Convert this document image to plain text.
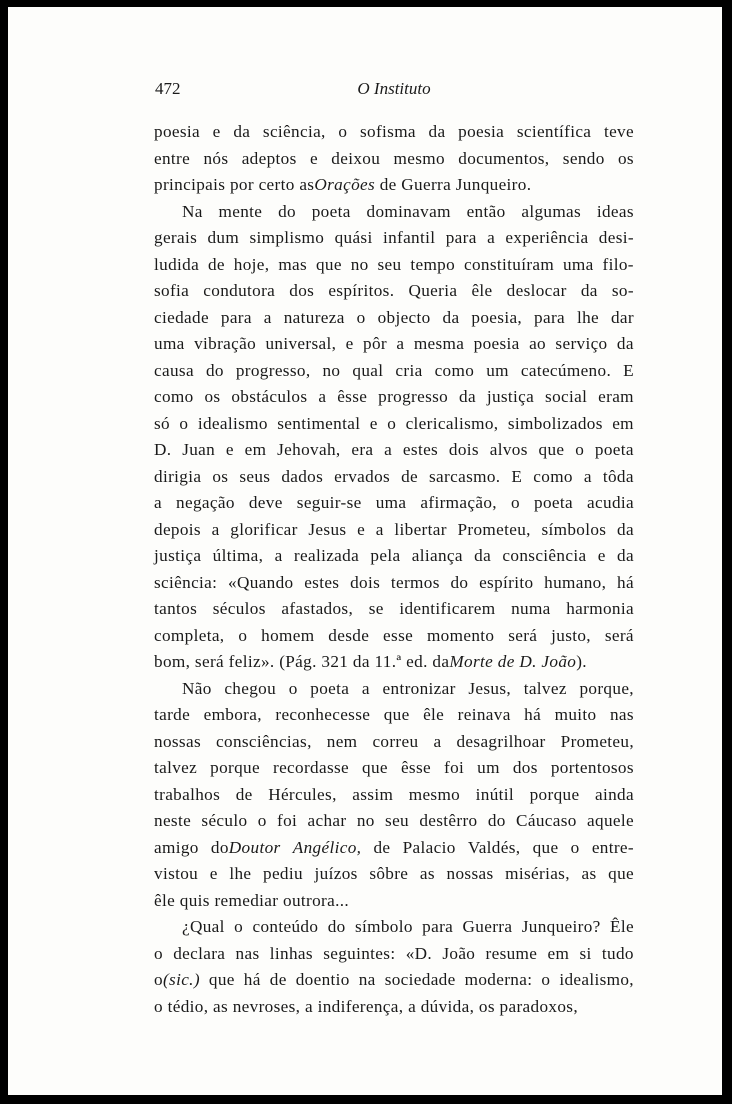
472	O Instituto
poesia e da sciência, o sofisma da poesia scientífica teve
entre nós adeptos e deixou mesmo documentos, sendo os
principais
por
certo
asOrações
de
Guerra
Junqueiro.
Na mente do poeta dominavam então algumas ideas
gerais dum simplismo quási infantil para a experiência desi-
ludida de hoje, mas que no seu tempo constituíram uma filo-
sofia condutora dos espíritos. Queria êle deslocar da so-
ciedade para a natureza o objecto da poesia, para lhe dar
uma vibração universal, e pôr a mesma poesia ao serviço da
causa do progresso, no qual cria como um catecúmeno. E
como os obstáculos a êsse progresso da justiça social eram
só o idealismo sentimental e o clericalismo, simbolizados em
D. Juan e em Jehovah, era a estes dois alvos que o poeta
dirigia os seus dados ervados de sarcasmo. E como a tôda
a negação deve seguir-se uma afirmação, o poeta acudia
depois a glorificar Jesus e a libertar Prometeu, símbolos da
justiça última, a realizada pela aliança da consciência e da
sciência: «Quando estes dois termos do espírito humano, há
tantos séculos afastados, se identificarem numa harmonia
completa, o homem desde esse momento será justo, será
bom,
será
feliz».
(Pág.
321
da
11.ª
ed.
daMorte
de
D.
João).
Não chegou o poeta a entronizar Jesus, talvez porque,
tarde embora, reconhecesse que êle reinava há muito nas
nossas consciências, nem correu a desagrilhoar Prometeu,
talvez porque recordasse que êsse foi um dos portentosos
trabalhos de Hércules, assim mesmo inútil porque ainda
neste século o foi achar no seu destêrro do Cáucaso aquele
amigo doDoutor Angélico, de Palacio Valdés, que o entre-
vistou e lhe pediu juízos sôbre as nossas misérias, as que
êle
quis
remediar
outrora...
¿Qual o conteúdo do símbolo para Guerra Junqueiro? Êle
o declara nas linhas seguintes: «D. João resume em si tudo
o(sic.) que há de doentio na sociedade moderna: o idealismo,
o
tédio,
as
nevroses,
a
indiferença,
a
dúvida,
os
paradoxos,
